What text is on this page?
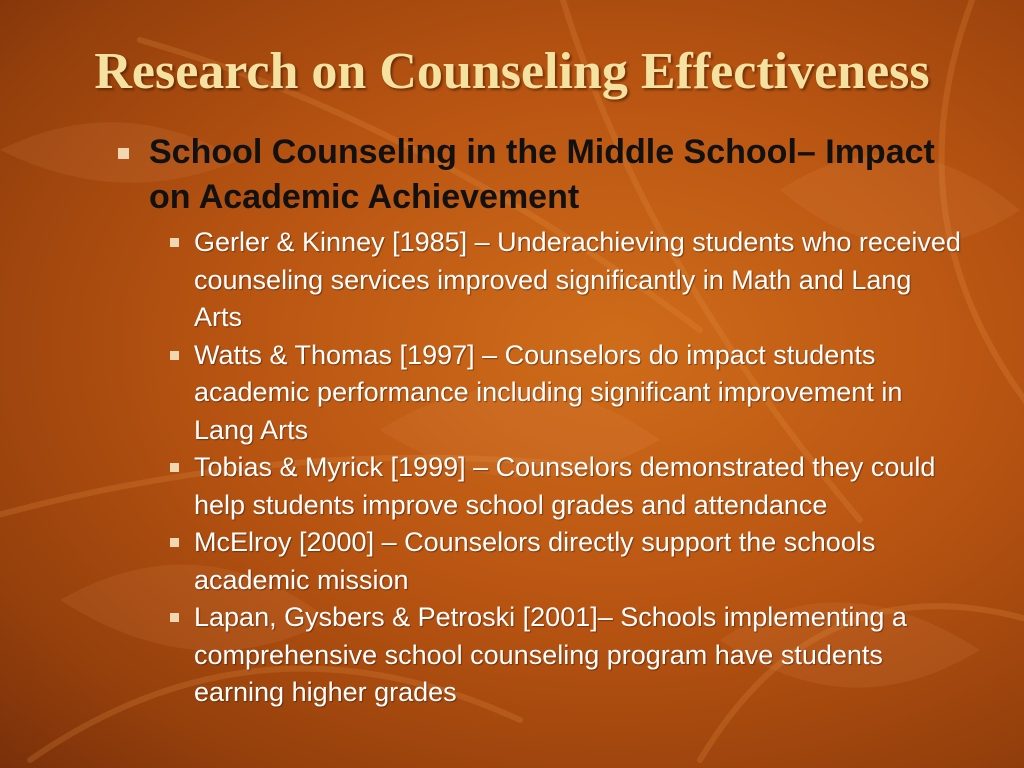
Research on Counseling Effectiveness
School Counseling in the Middle School– Impact on Academic Achievement
Gerler & Kinney [1985] – Underachieving students who received counseling services improved significantly in Math and Lang Arts
Watts & Thomas [1997] – Counselors do impact students academic performance including significant improvement in Lang Arts
Tobias & Myrick [1999] – Counselors demonstrated they could help students improve school grades and attendance
McElroy [2000] – Counselors directly support the schools academic mission
Lapan, Gysbers & Petroski [2001]– Schools implementing a comprehensive school counseling program have students earning higher grades
